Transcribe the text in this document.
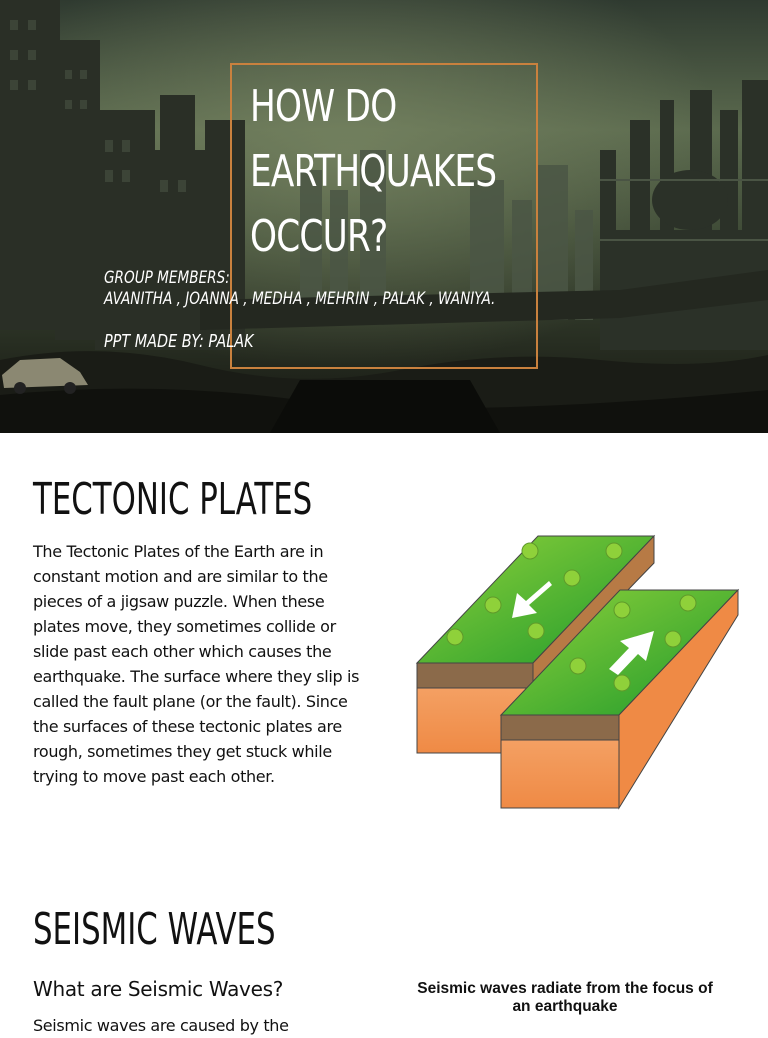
HOW DO
EARTHQUAKES
OCCUR?
GROUP MEMBERS:
AVANITHA , JOANNA , MEDHA , MEHRIN , PALAK , WANIYA.

PPT MADE BY: PALAK

TECTONIC PLATES

The Tectonic Plates of the Earth are in constant motion and are similar to the pieces of a jigsaw puzzle. When these plates move, they sometimes collide or slide past each other which causes the earthquake. The surface where they slip is called the fault plane (or the fault). Since the surfaces of these tectonic plates are rough, sometimes they get stuck while trying to move past each other.

SEISMIC WAVES

What are Seismic Waves?

Seismic waves are caused by the

Seismic waves radiate from the focus of an earthquake
